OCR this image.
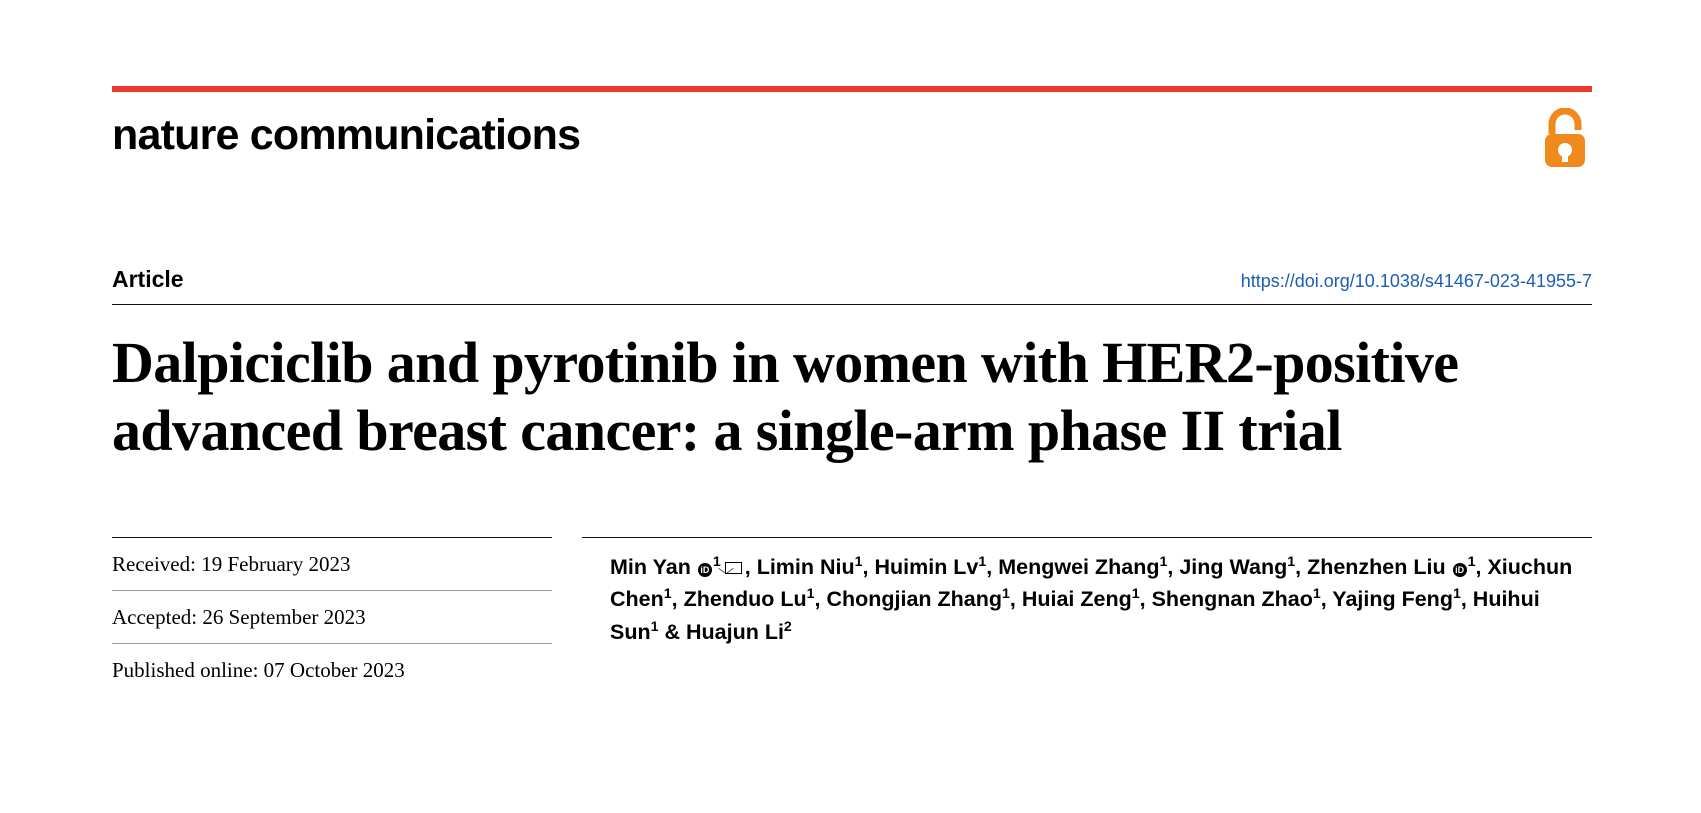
nature communications
Article	https://doi.org/10.1038/s41467-023-41955-7
Dalpiciclib and pyrotinib in women with HER2-positive advanced breast cancer: a single-arm phase II trial
Received: 19 February 2023
Accepted: 26 September 2023
Published online: 07 October 2023
Min Yan $iD^1$ , Limin Niu$^1$, Huimin Lv$^1$, Mengwei Zhang$^1$, Jing Wang$^1$, Zhenzhen Liu $iD^1$, Xiuchun Chen$^1$, Zhenduo Lu$^1$, Chongjian Zhang$^1$, Huiai Zeng$^1$, Shengnan Zhao$^1$, Yajing Feng$^1$, Huihui Sun$^1$ & Huajun Li$^2$
